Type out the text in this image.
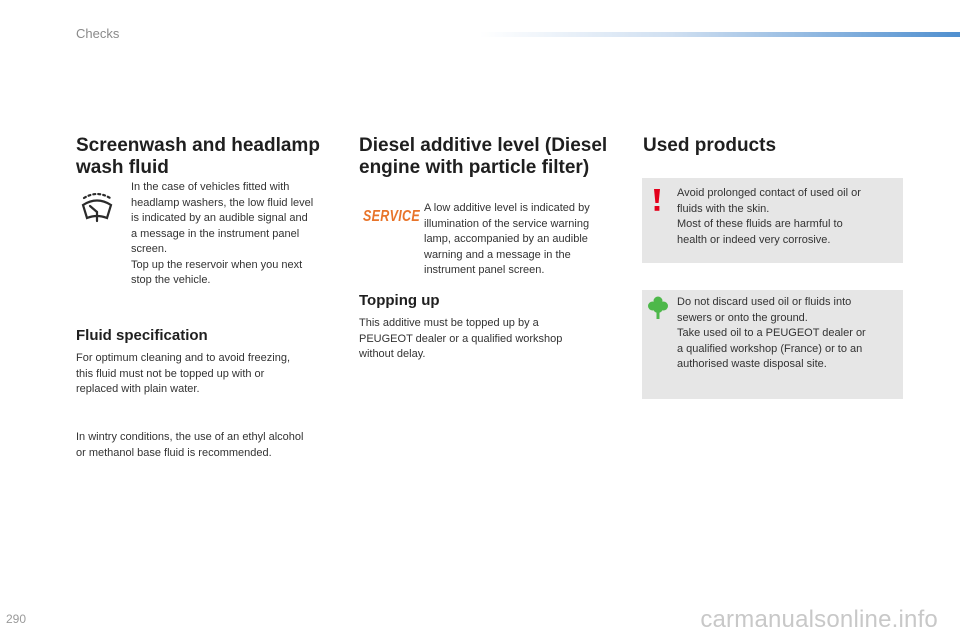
Checks
Screenwash and headlamp wash fluid

In the case of vehicles fitted with

headlamp washers, the low fluid level

is indicated by an audible signal and

a message in the instrument panel

screen.

Top up the reservoir when you next

stop the vehicle.

Fluid specification

For optimum cleaning and to avoid freezing,

this fluid must not be topped up with or

replaced with plain water.

In wintry conditions, the use of an ethyl alcohol

or methanol base fluid is recommended.

Diesel additive level (Diesel engine with particle filter)
SERVICE A low additive level is indicated by

illumination of the service warning

lamp, accompanied by an audible

warning and a message in the

instrument panel screen.

Topping up

This additive must be topped up by a

PEUGEOT dealer or a qualified workshop

without delay.

Used products

Avoid prolonged contact of used oil or

fluids with the skin.

Most of these fluids are harmful to

health or indeed very corrosive.

Do not discard used oil or fluids into

sewers or onto the ground.

Take used oil to a PEUGEOT dealer or

a qualified workshop (France) or to an

authorised waste disposal site.

290	carmanualsonline.info
